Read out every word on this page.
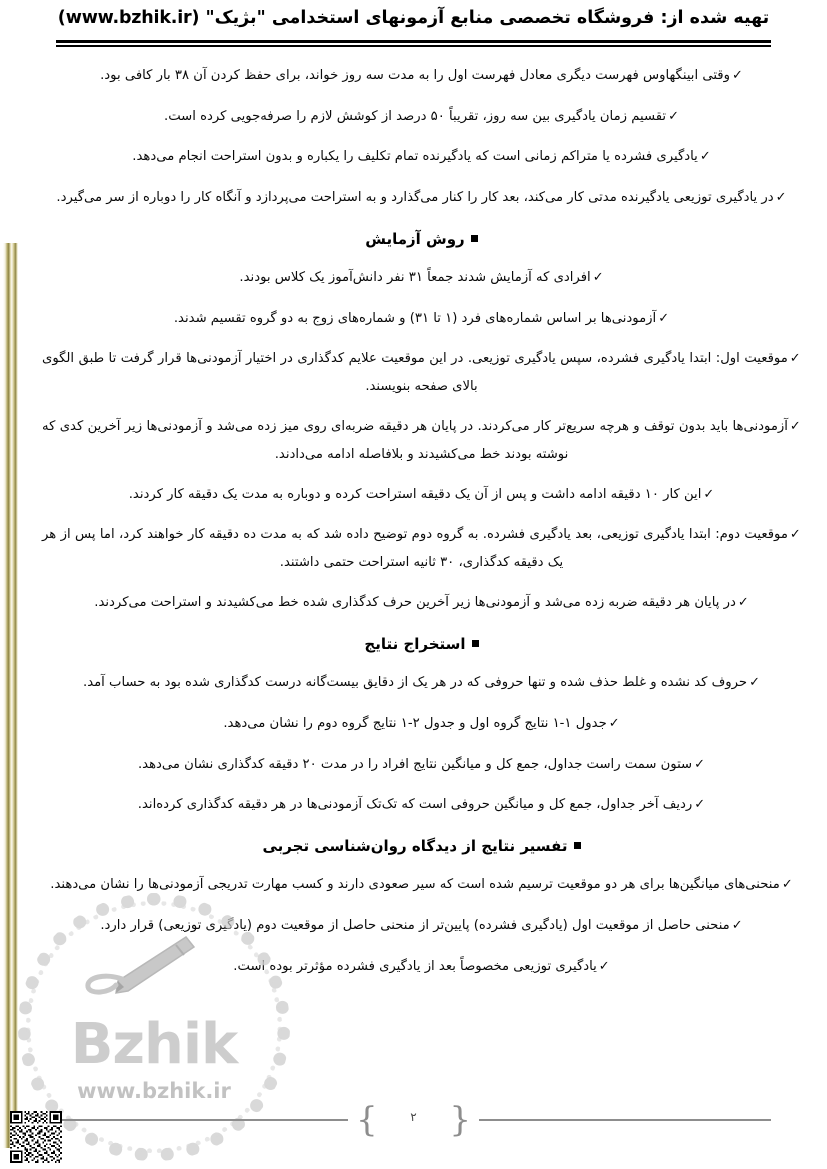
تهیه شده از: فروشگاه تخصصی منابع آزمونهای استخدامی "بژیک" (www.bzhik.ir)

✓وقتی ابینگهاوس فهرست دیگری معادل فهرست اول را به مدت سه روز خواند، برای حفظ کردن آن ۳۸ بار کافی بود.

✓تقسیم زمان یادگیری بین سه روز، تقریباً ۵۰ درصد از کوشش لازم را صرفه‌جویی کرده است.

✓یادگیری فشرده یا متراکم زمانی است که یادگیرنده تمام تکلیف را یکباره و بدون استراحت انجام می‌دهد.

✓در یادگیری توزیعی یادگیرنده مدتی کار می‌کند، بعد کار را کنار می‌گذارد و به استراحت می‌پردازد و آنگاه کار را دوباره از سر می‌گیرد.

روش آزمایش

✓افرادی که آزمایش شدند جمعاً ۳۱ نفر دانش‌آموز یک کلاس بودند.

✓آزمودنی‌ها بر اساس شماره‌های فرد (۱ تا ۳۱) و شماره‌های زوج به دو گروه تقسیم شدند.

✓موقعیت اول: ابتدا یادگیری فشرده، سپس یادگیری توزیعی. در این موقعیت علایم کدگذاری در اختیار آزمودنی‌ها قرار گرفت تا طبق الگوی بالای صفحه بنویسند.

✓آزمودنی‌ها باید بدون توقف و هرچه سریع‌تر کار می‌کردند. در پایان هر دقیقه ضربه‌ای روی میز زده می‌شد و آزمودنی‌ها زیر آخرین کدی که نوشته بودند خط می‌کشیدند و بلافاصله ادامه می‌دادند.

✓این کار ۱۰ دقیقه ادامه داشت و پس از آن یک دقیقه استراحت کرده و دوباره به مدت یک دقیقه کار کردند.

✓موقعیت دوم: ابتدا یادگیری توزیعی، بعد یادگیری فشرده. به گروه دوم توضیح داده شد که به مدت ده دقیقه کار خواهند کرد، اما پس از هر یک دقیقه کدگذاری، ۳۰ ثانیه استراحت حتمی داشتند.

✓در پایان هر دقیقه ضربه زده می‌شد و آزمودنی‌ها زیر آخرین حرف کدگذاری شده خط می‌کشیدند و استراحت می‌کردند.

استخراج نتایج

✓حروف کد نشده و غلط حذف شده و تنها حروفی که در هر یک از دقایق بیست‌گانه درست کدگذاری شده بود به حساب آمد.

✓جدول ۱-۱ نتایج گروه اول و جدول ۲-۱ نتایج گروه دوم را نشان می‌دهد.

✓ستون سمت راست جداول، جمع کل و میانگین نتایج افراد را در مدت ۲۰ دقیقه کدگذاری نشان می‌دهد.

✓ردیف آخر جداول، جمع کل و میانگین حروفی است که تک‌تک آزمودنی‌ها در هر دقیقه کدگذاری کرده‌اند.

تفسیر نتایج از دیدگاه روان‌شناسی تجربی

✓منحنی‌های میانگین‌ها برای هر دو موقعیت ترسیم شده است که سیر صعودی دارند و کسب مهارت تدریجی آزمودنی‌ها را نشان می‌دهند.

✓منحنی حاصل از موقعیت اول (یادگیری فشرده) پایین‌تر از منحنی حاصل از موقعیت دوم (یادگیری توزیعی) قرار دارد.

✓یادگیری توزیعی مخصوصاً بعد از یادگیری فشرده مؤثرتر بوده است.

Bzhik
www.bzhik.ir
{	۲ }
